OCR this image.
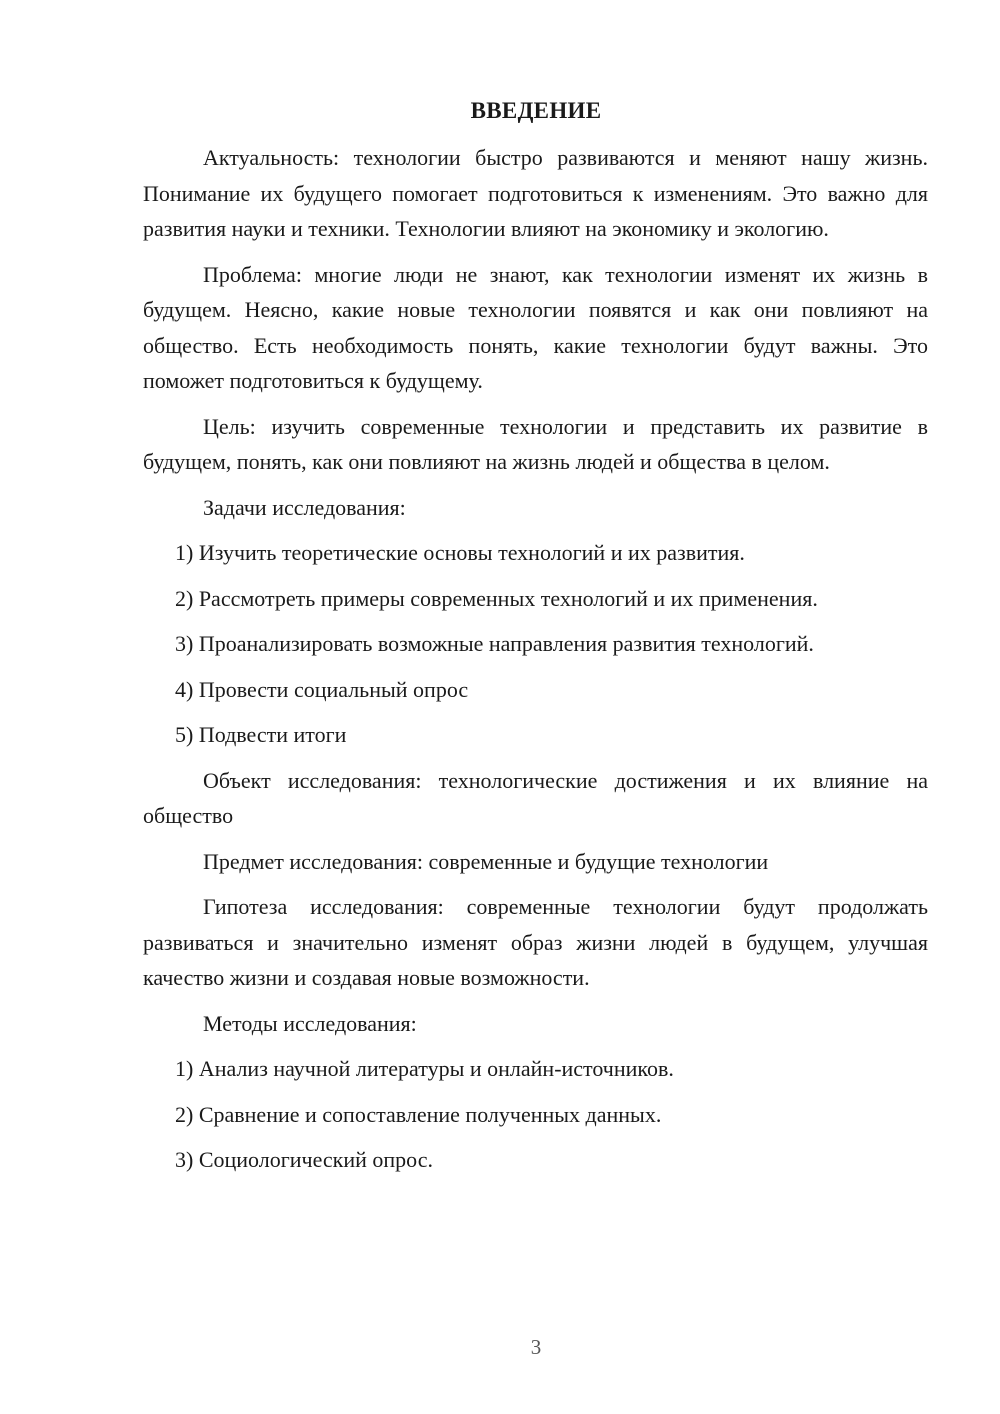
ВВЕДЕНИЕ

Актуальность: технологии быстро развиваются и меняют нашу жизнь. Понимание их будущего помогает подготовиться к изменениям. Это важно для развития науки и техники. Технологии влияют на экономику и экологию.

Проблема: многие люди не знают, как технологии изменят их жизнь в будущем. Неясно, какие новые технологии появятся и как они повлияют на общество. Есть необходимость понять, какие технологии будут важны. Это поможет подготовиться к будущему.

Цель: изучить современные технологии и представить их развитие в будущем, понять, как они повлияют на жизнь людей и общества в целом.

Задачи исследования:

1) Изучить теоретические основы технологий и их развития.

2) Рассмотреть примеры современных технологий и их применения.

3) Проанализировать возможные направления развития технологий.

4) Провести социальный опрос

5) Подвести итоги

Объект исследования: технологические достижения и их влияние на общество

Предмет исследования: современные и будущие технологии

Гипотеза исследования: современные технологии будут продолжать развиваться и значительно изменят образ жизни людей в будущем, улучшая качество жизни и создавая новые возможности.

Методы исследования:

1) Анализ научной литературы и онлайн-источников.

2) Сравнение и сопоставление полученных данных.

3) Социологический опрос.

3
